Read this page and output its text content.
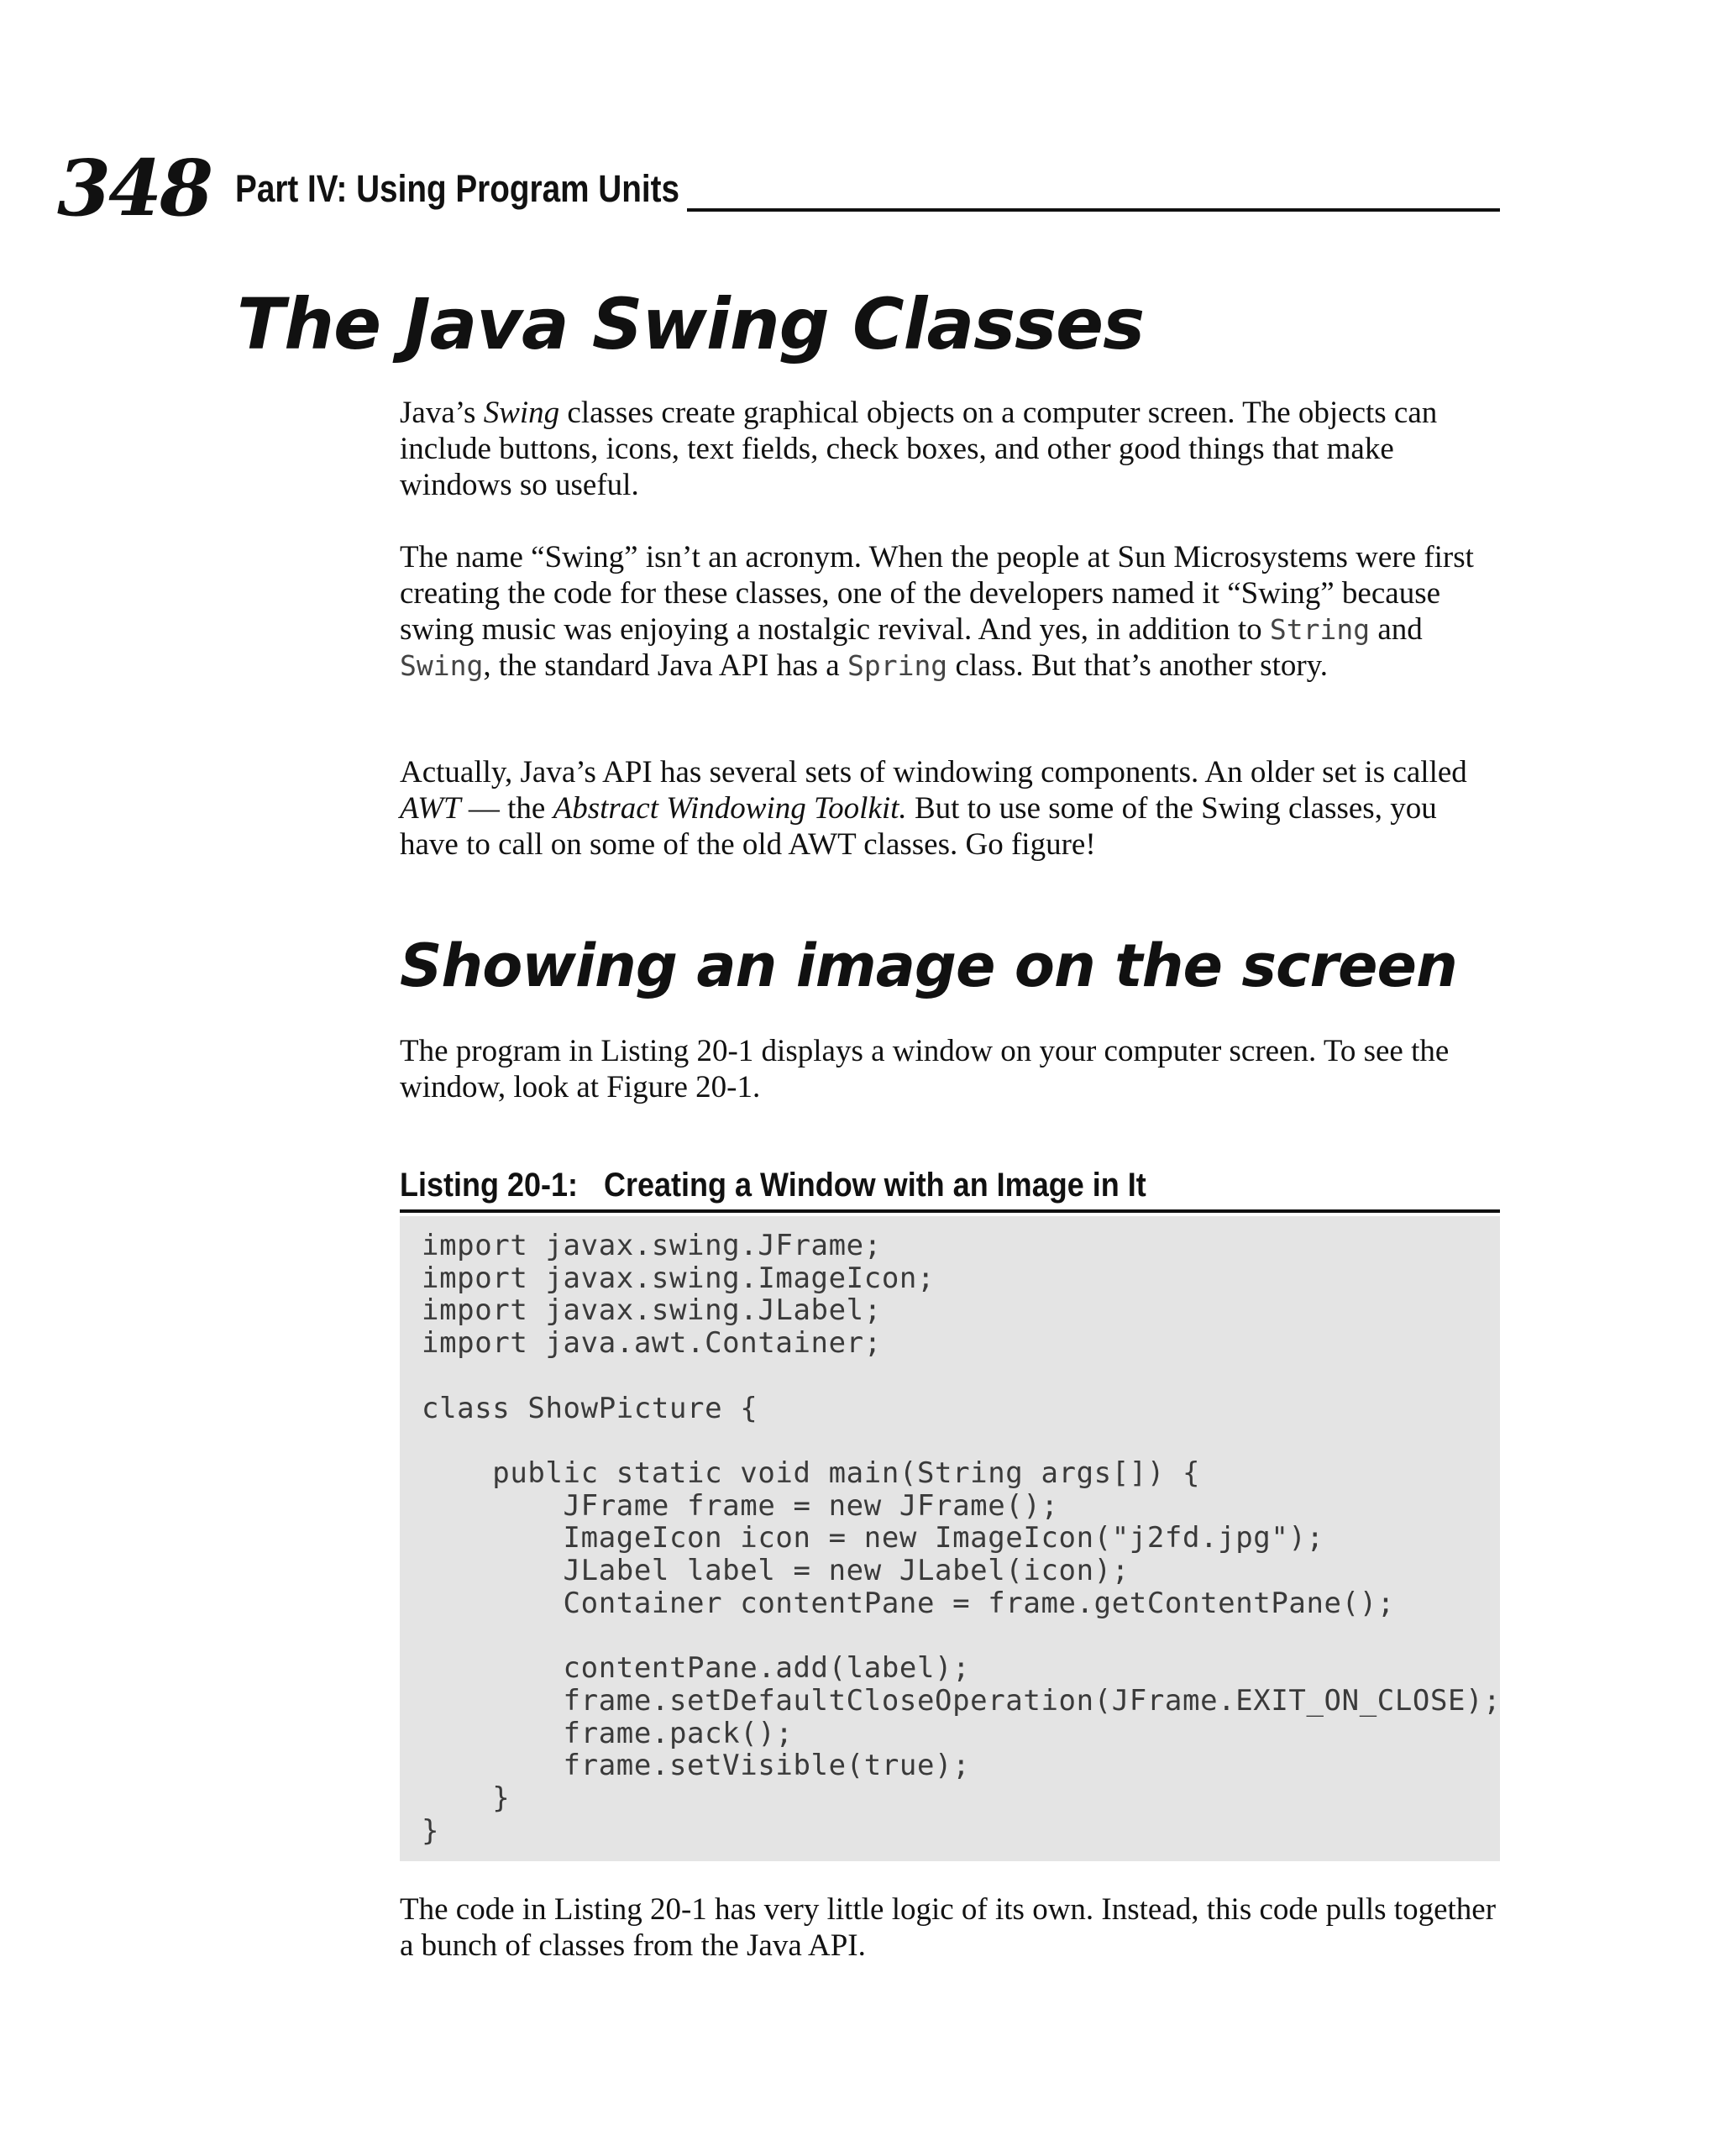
348 Part IV: Using Program Units
The Java Swing Classes

Java’s Swing classes create graphical objects on a computer screen. The objects can include buttons, icons, text fields, check boxes, and other good things that make windows so useful.

The name “Swing” isn’t an acronym. When the people at Sun Microsystems were first creating the code for these classes, one of the developers named it “Swing” because swing music was enjoying a nostalgic revival. And yes, in addition to String and Swing, the standard Java API has a Spring class. But that’s another story.

Actually, Java’s API has several sets of windowing components. An older set is called AWT — the Abstract Windowing Toolkit. But to use some of the Swing classes, you have to call on some of the old AWT classes. Go figure!

Showing an image on the screen

The program in Listing 20-1 displays a window on your computer screen. To see the window, look at Figure 20-1.

Listing 20-1: Creating a Window with an Image in It
import javax.swing.JFrame;
import javax.swing.ImageIcon;
import javax.swing.JLabel;
import java.awt.Container;

class ShowPicture {

public static void main(String args[]) {
JFrame frame = new JFrame();
ImageIcon icon = new ImageIcon("j2fd.jpg");
JLabel label = new JLabel(icon);
Container contentPane = frame.getContentPane();

contentPane.add(label);
frame.setDefaultCloseOperation(JFrame.EXIT_ON_CLOSE);
frame.pack();
frame.setVisible(true);
}
}

The code in Listing 20-1 has very little logic of its own. Instead, this code pulls together a bunch of classes from the Java API.
